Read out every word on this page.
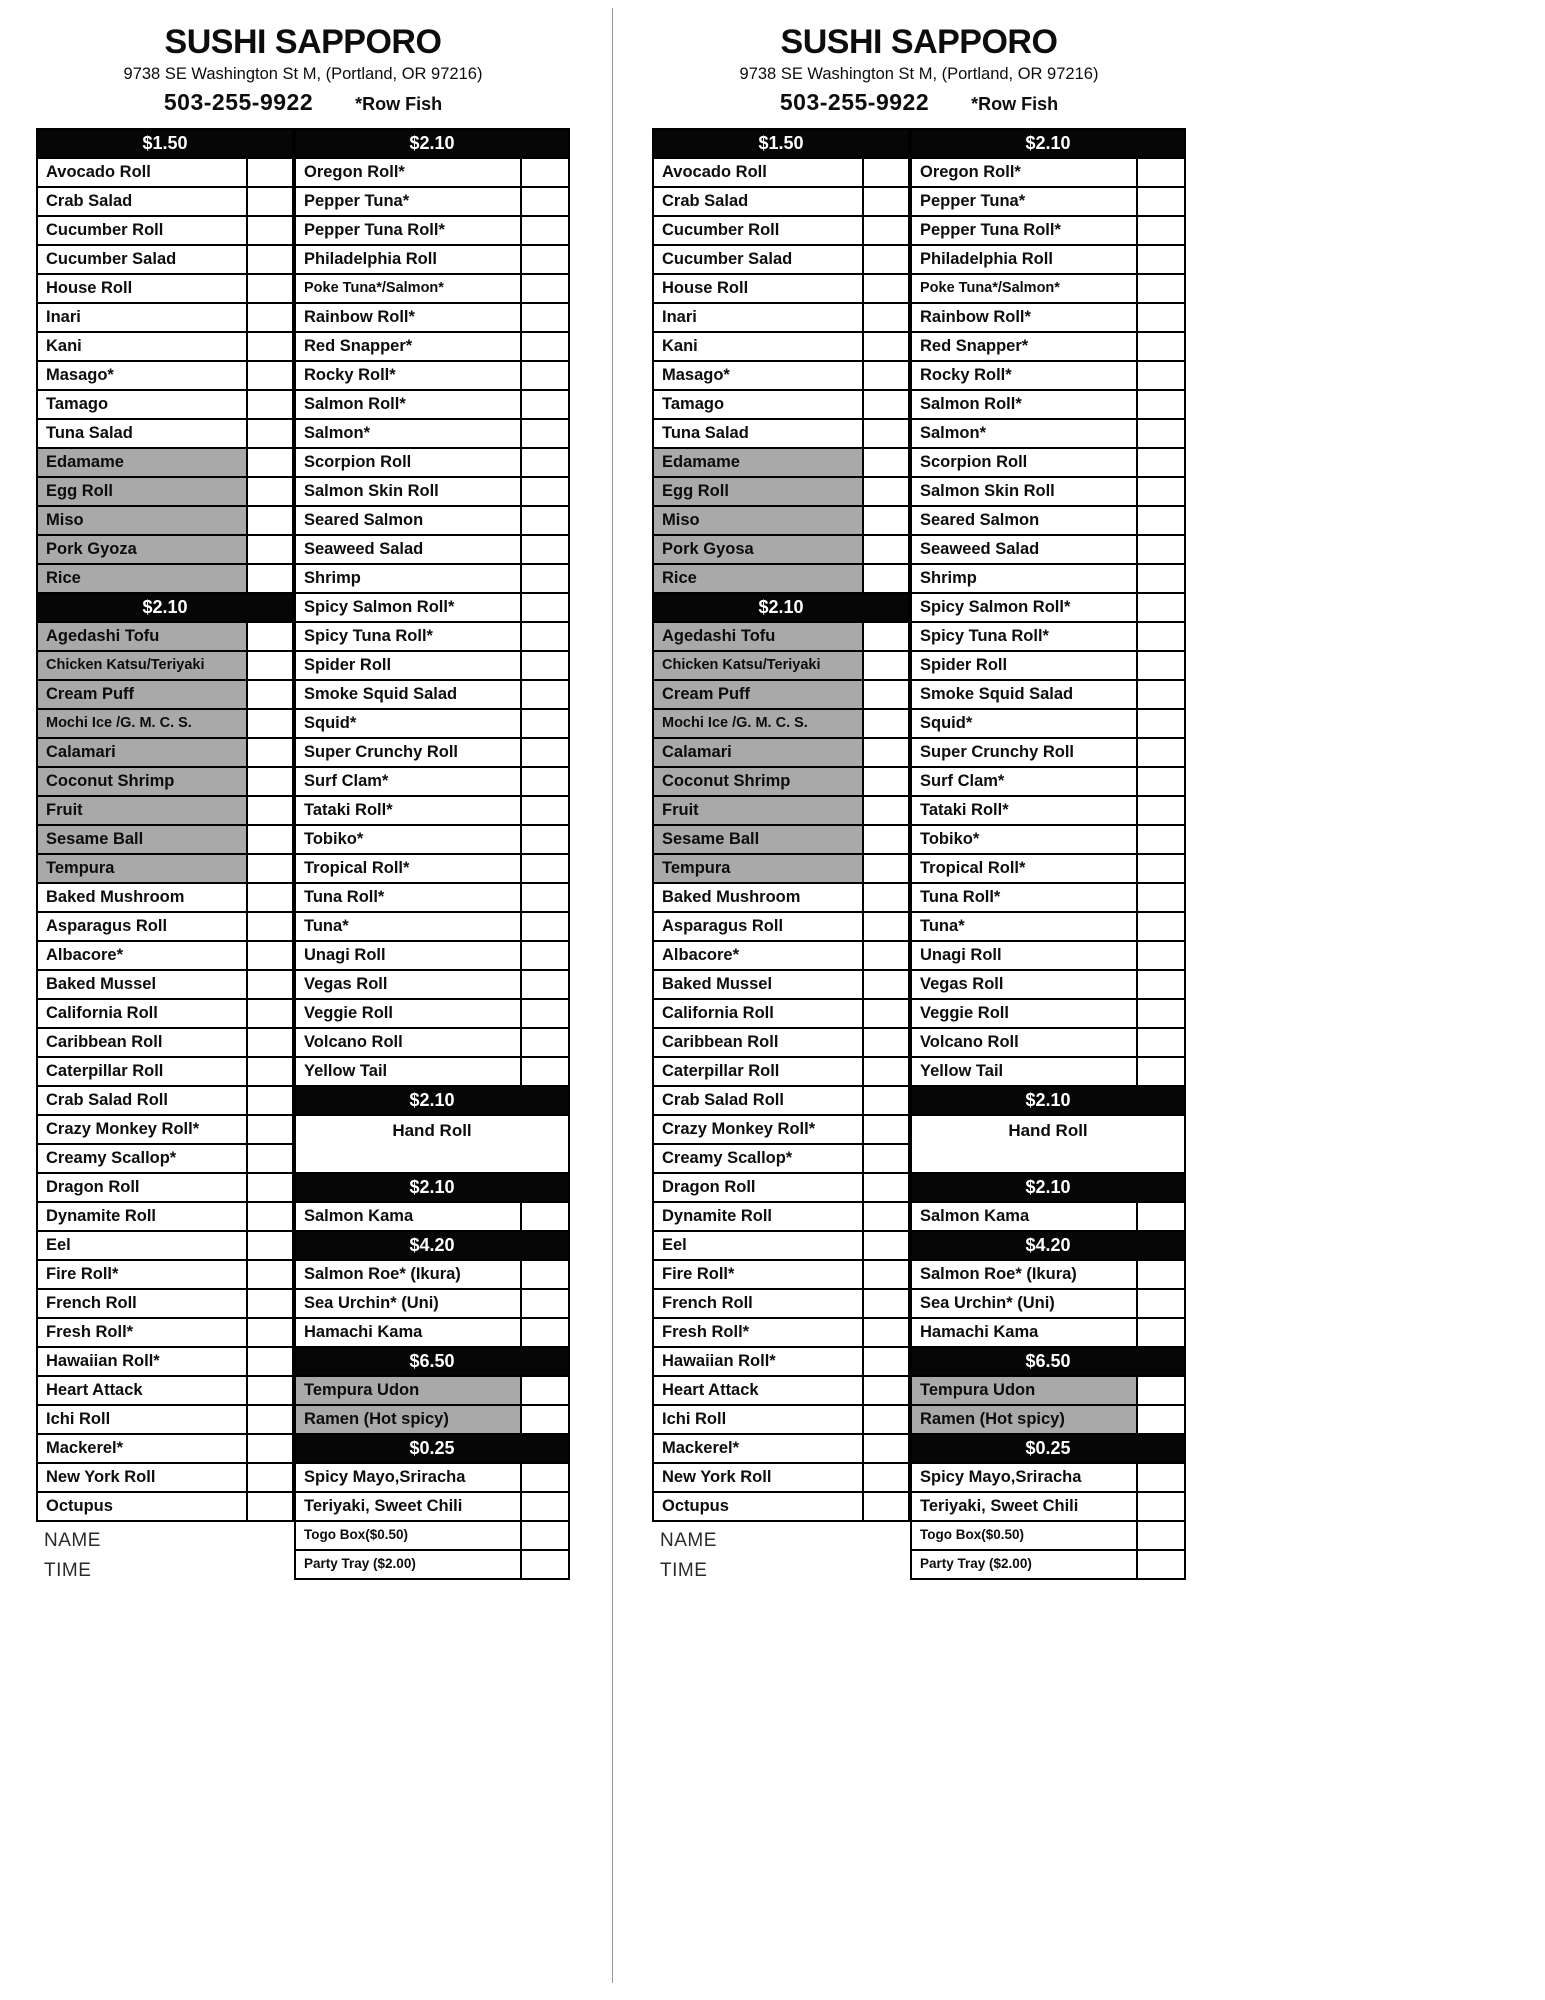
SUSHI SAPPORO
9738 SE Washington St M, (Portland, OR 97216)
503-255-9922 *Row Fish
$1.50
Avocado Roll
Crab Salad
Cucumber Roll
Cucumber Salad
House Roll
Inari
Kani
Masago*
Tamago
Tuna Salad
Edamame
Egg Roll
Miso
Pork Gyoza
Rice
$2.10
Agedashi Tofu
Chicken Katsu/Teriyaki
Cream Puff
Mochi Ice /G. M. C. S.
Calamari
Coconut Shrimp
Fruit
Sesame Ball
Tempura
Baked Mushroom
Asparagus Roll
Albacore*
Baked Mussel
California Roll
Caribbean Roll
Caterpillar Roll
Crab Salad Roll
Crazy Monkey Roll*
Creamy Scallop*
Dragon Roll
Dynamite Roll
Eel
Fire Roll*
French Roll
Fresh Roll*
Hawaiian Roll*
Heart Attack
Ichi Roll
Mackerel*
New York Roll
Octupus
NAME
TIME
$2.10
Oregon Roll*
Pepper Tuna*
Pepper Tuna Roll*
Philadelphia Roll
Poke Tuna*/Salmon*
Rainbow Roll*
Red Snapper*
Rocky Roll*
Salmon Roll*
Salmon*
Scorpion Roll
Salmon Skin Roll
Seared Salmon
Seaweed Salad
Shrimp
Spicy Salmon Roll*
Spicy Tuna Roll*
Spider Roll
Smoke Squid Salad
Squid*
Super Crunchy Roll
Surf Clam*
Tataki Roll*
Tobiko*
Tropical Roll*
Tuna Roll*
Tuna*
Unagi Roll
Vegas Roll
Veggie Roll
Volcano Roll
Yellow Tail
$2.10
Hand Roll
$2.10
Salmon Kama
$4.20
Salmon Roe* (Ikura)
Sea Urchin* (Uni)
Hamachi Kama
$6.50
Tempura Udon
Ramen (Hot spicy)
$0.25
Spicy Mayo,Sriracha
Teriyaki, Sweet Chili
Togo Box($0.50)
Party Tray ($2.00)
SUSHI SAPPORO
9738 SE Washington St M, (Portland, OR 97216)
503-255-9922 *Row Fish
$1.50
Avocado Roll
Crab Salad
Cucumber Roll
Cucumber Salad
House Roll
Inari
Kani
Masago*
Tamago
Tuna Salad
Edamame
Egg Roll
Miso
Pork Gyosa
Rice
$2.10
Agedashi Tofu
Chicken Katsu/Teriyaki
Cream Puff
Mochi Ice /G. M. C. S.
Calamari
Coconut Shrimp
Fruit
Sesame Ball
Tempura
Baked Mushroom
Asparagus Roll
Albacore*
Baked Mussel
California Roll
Caribbean Roll
Caterpillar Roll
Crab Salad Roll
Crazy Monkey Roll*
Creamy Scallop*
Dragon Roll
Dynamite Roll
Eel
Fire Roll*
French Roll
Fresh Roll*
Hawaiian Roll*
Heart Attack
Ichi Roll
Mackerel*
New York Roll
Octupus
NAME
TIME
$2.10
Oregon Roll*
Pepper Tuna*
Pepper Tuna Roll*
Philadelphia Roll
Poke Tuna*/Salmon*
Rainbow Roll*
Red Snapper*
Rocky Roll*
Salmon Roll*
Salmon*
Scorpion Roll
Salmon Skin Roll
Seared Salmon
Seaweed Salad
Shrimp
Spicy Salmon Roll*
Spicy Tuna Roll*
Spider Roll
Smoke Squid Salad
Squid*
Super Crunchy Roll
Surf Clam*
Tataki Roll*
Tobiko*
Tropical Roll*
Tuna Roll*
Tuna*
Unagi Roll
Vegas Roll
Veggie Roll
Volcano Roll
Yellow Tail
$2.10
Hand Roll
$2.10
Salmon Kama
$4.20
Salmon Roe* (Ikura)
Sea Urchin* (Uni)
Hamachi Kama
$6.50
Tempura Udon
Ramen (Hot spicy)
$0.25
Spicy Mayo,Sriracha
Teriyaki, Sweet Chili
Togo Box($0.50)
Party Tray ($2.00)
